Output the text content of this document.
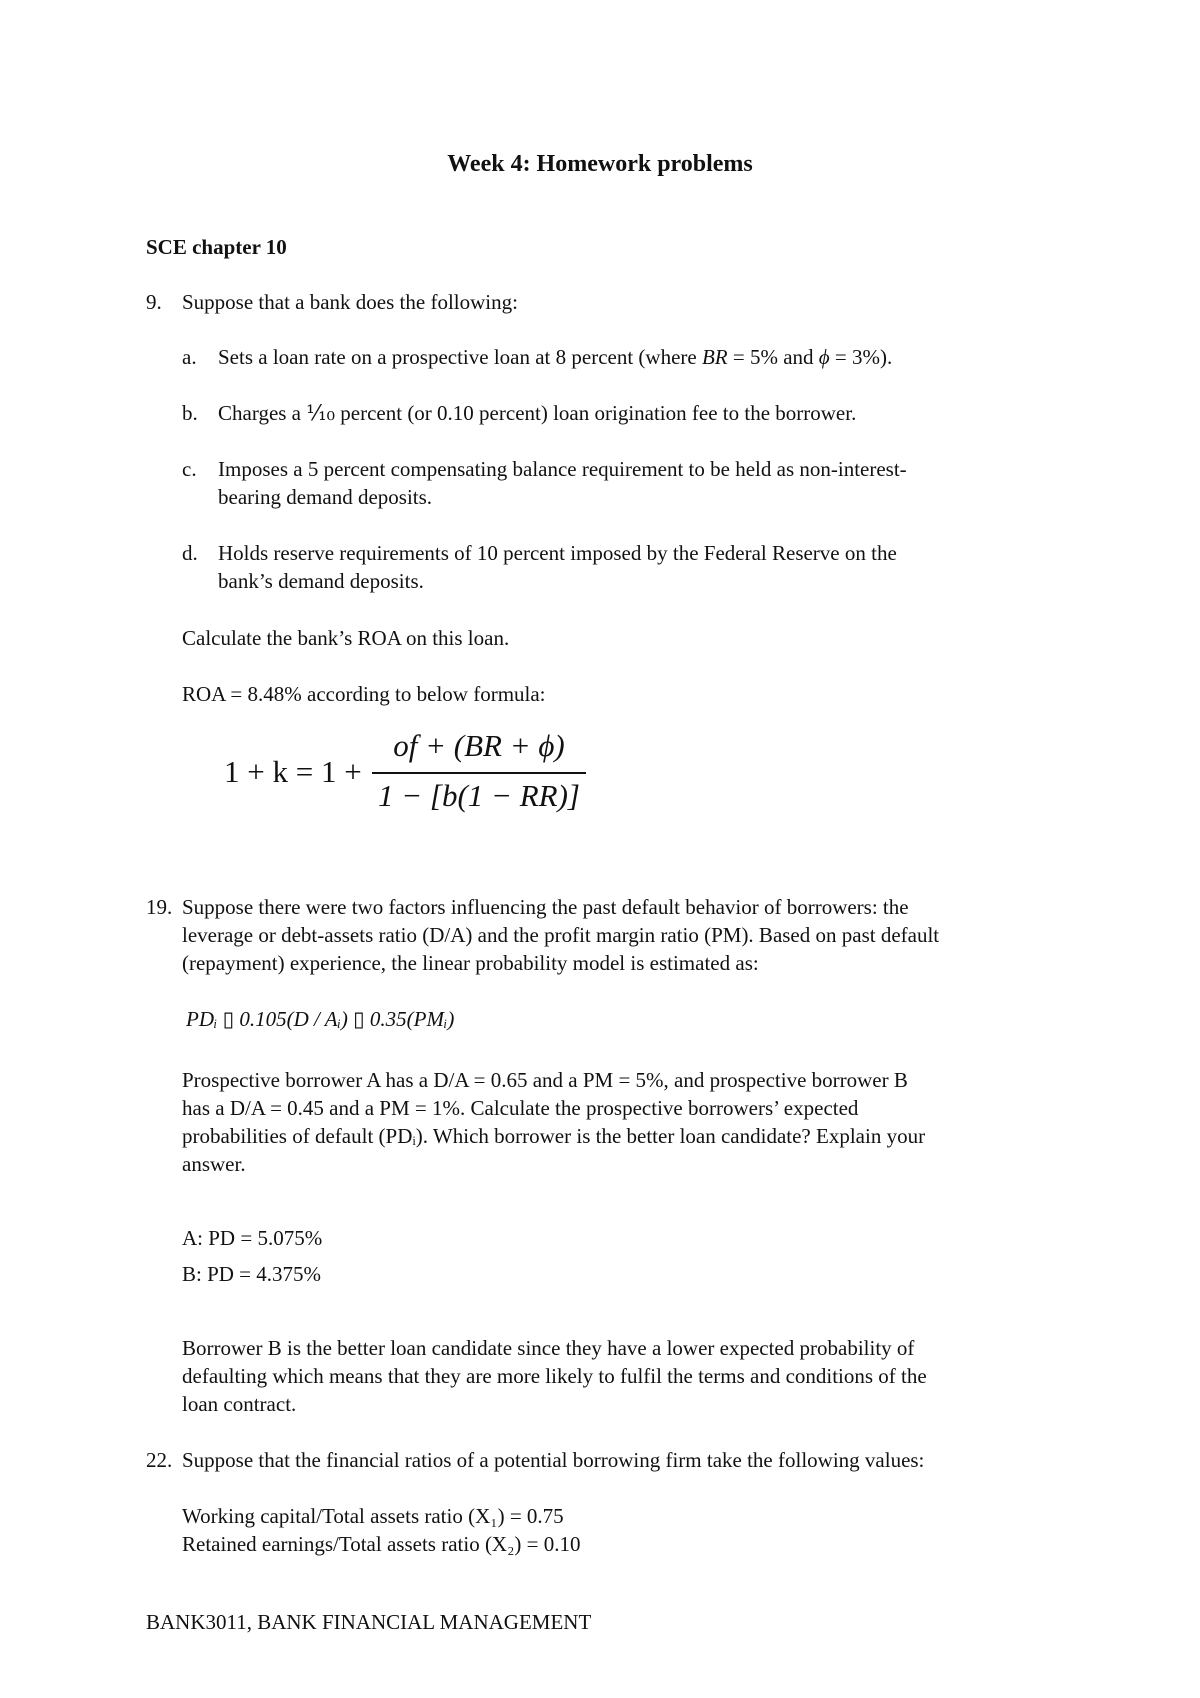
Week 4: Homework problems
SCE chapter 10
9. Suppose that a bank does the following:
a. Sets a loan rate on a prospective loan at 8 percent (where BR = 5% and ϕ = 3%).
b. Charges a ⅒ percent (or 0.10 percent) loan origination fee to the borrower.
c. Imposes a 5 percent compensating balance requirement to be held as non-interest-
bearing demand deposits.
d. Holds reserve requirements of 10 percent imposed by the Federal Reserve on the
bank’s demand deposits.
Calculate the bank’s ROA on this loan.
ROA = 8.48% according to below formula:
1 + k = 1 +
of + (BR + ϕ)
1 − [b(1 − RR)]
19. Suppose there were two factors influencing the past default behavior of borrowers: the
leverage or debt-assets ratio (D/A) and the profit margin ratio (PM). Based on past default
(repayment) experience, the linear probability model is estimated as:
PDᵢ ▯ 0.105(D / Aᵢ) ▯ 0.35(PMᵢ)
Prospective borrower A has a D/A = 0.65 and a PM = 5%, and prospective borrower B
has a D/A = 0.45 and a PM = 1%. Calculate the prospective borrowers’ expected
probabilities of default (PDᵢ). Which borrower is the better loan candidate? Explain your
answer.
A: PD = 5.075%
B: PD = 4.375%
Borrower B is the better loan candidate since they have a lower expected probability of
defaulting which means that they are more likely to fulfil the terms and conditions of the
loan contract.
22. Suppose that the financial ratios of a potential borrowing firm take the following values:
Working capital/Total assets ratio (X₁) = 0.75
Retained earnings/Total assets ratio (X₂) = 0.10
BANK3011, BANK FINANCIAL MANAGEMENT
